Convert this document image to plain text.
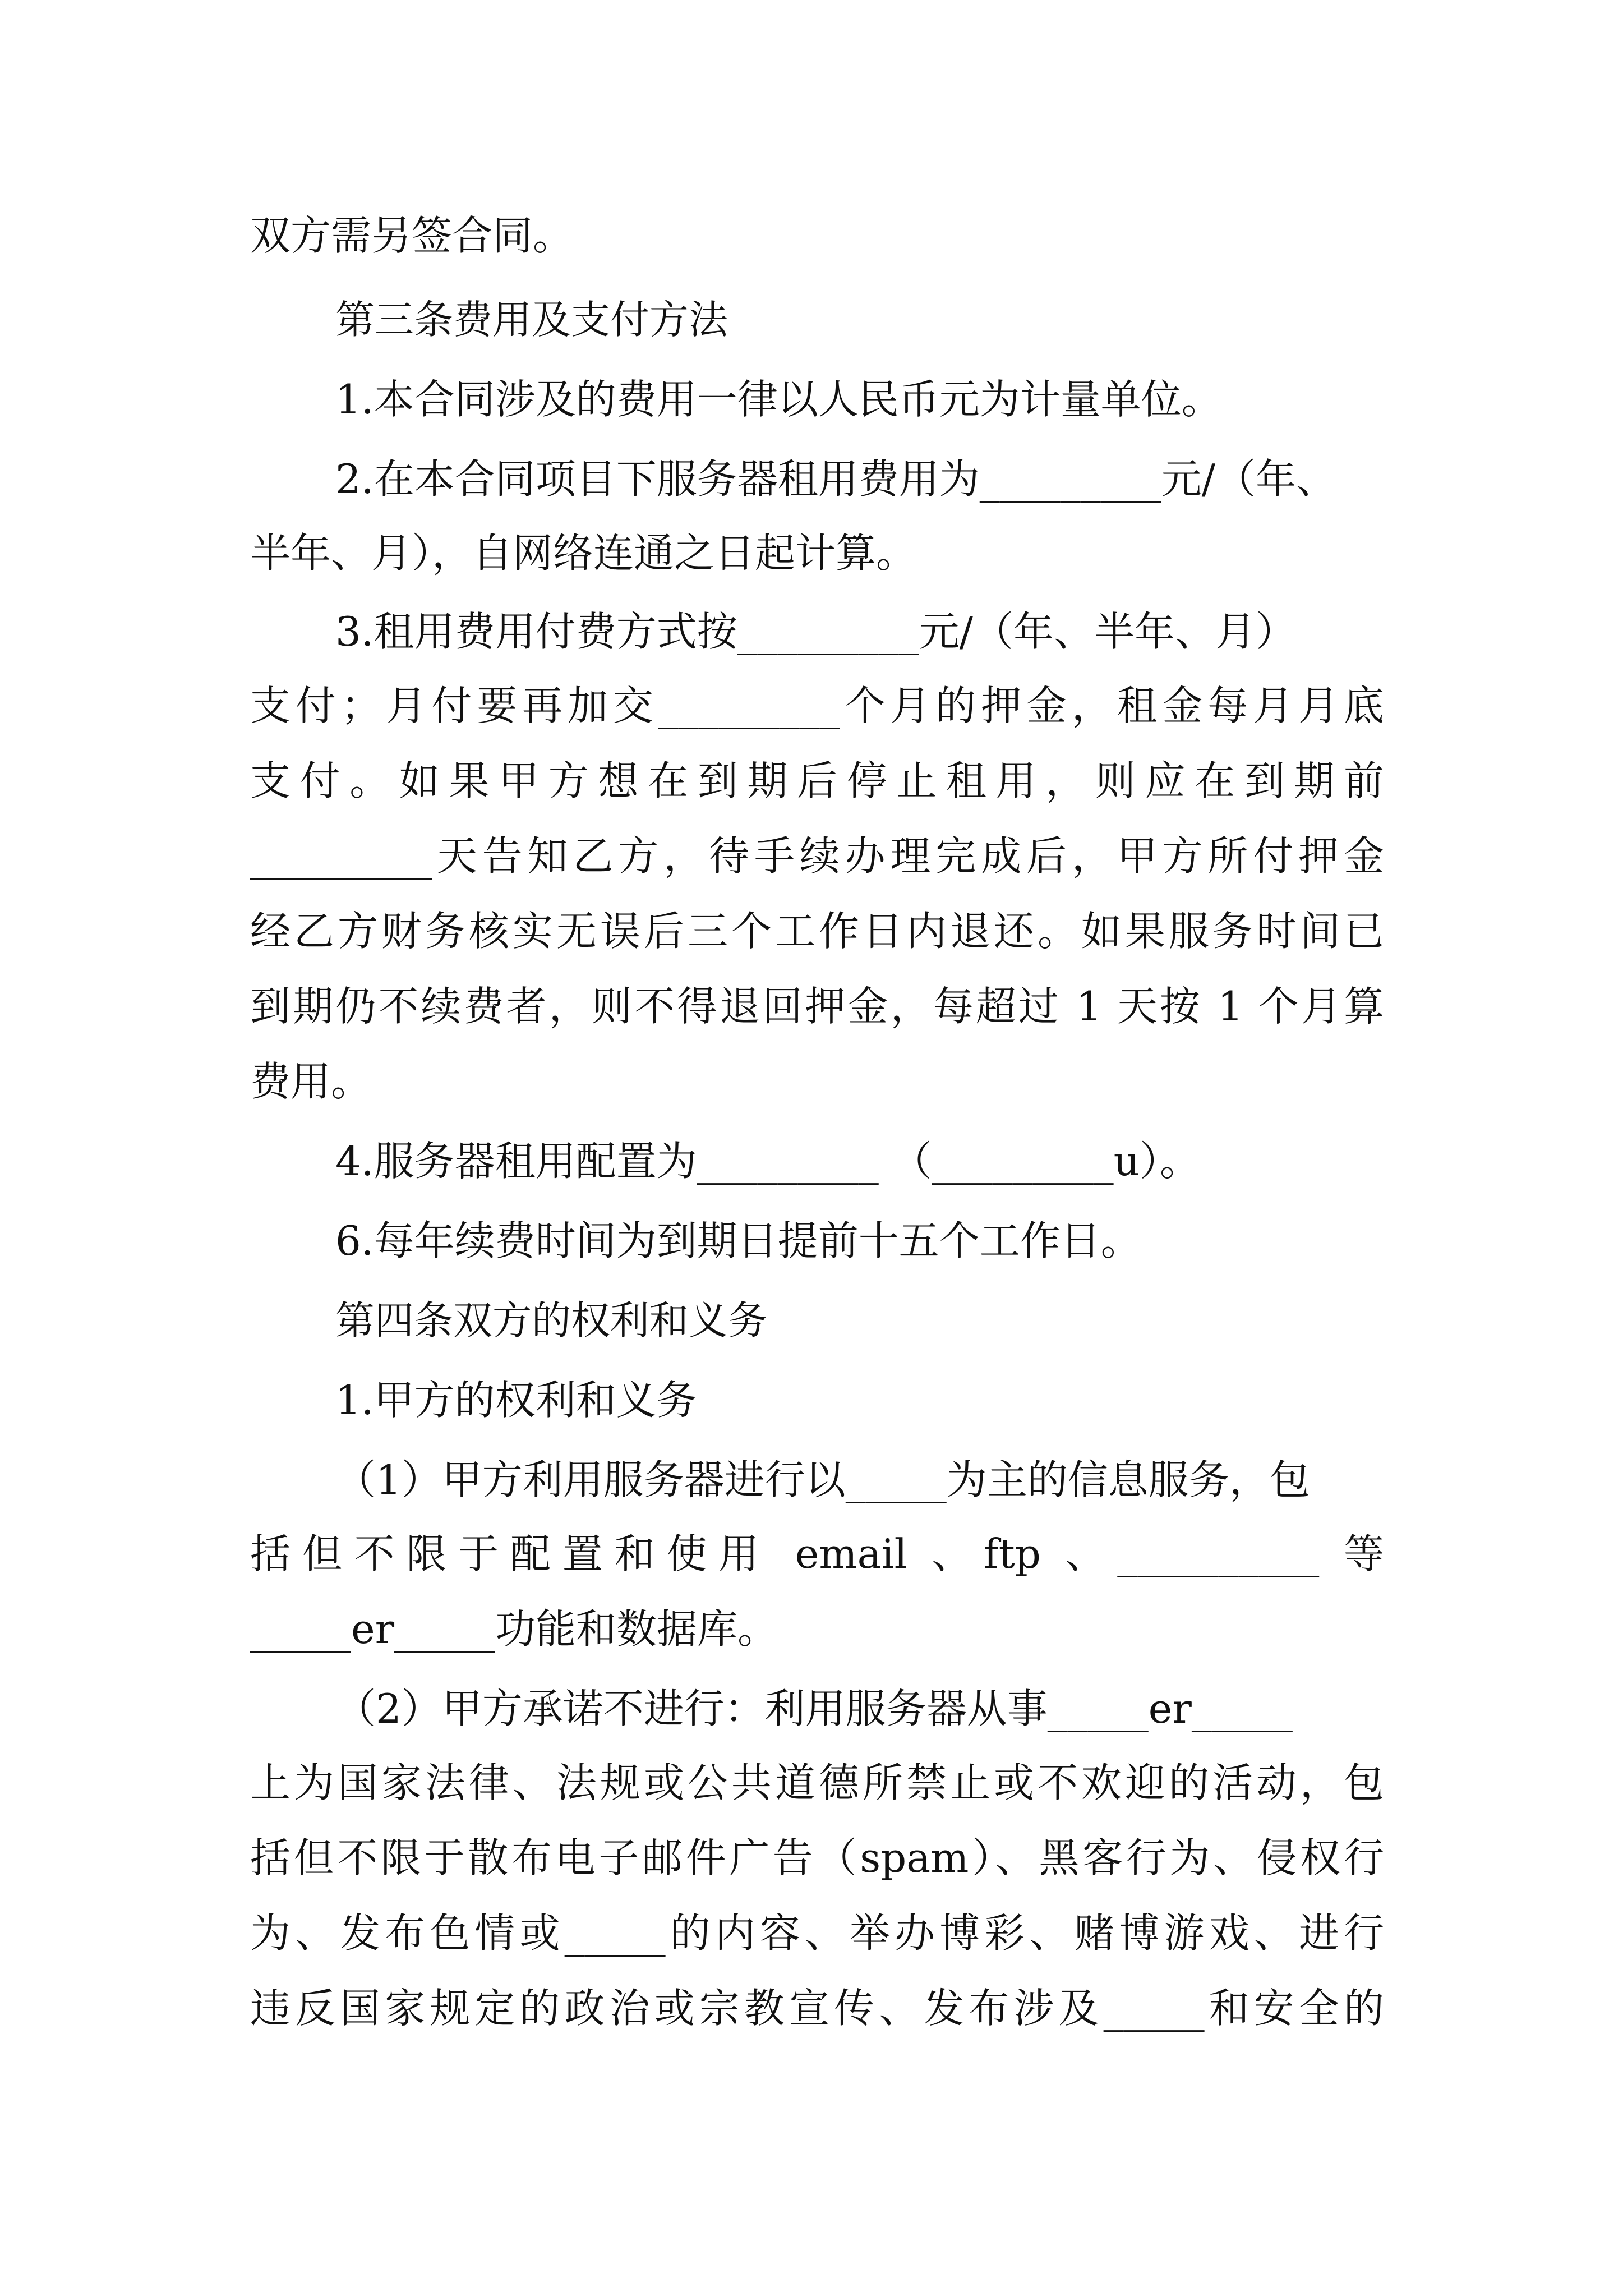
双方需另签合同。
第三条费用及支付方法
1.本合同涉及的费用一律以人民币元为计量单位。
2.在本合同项目下服务器租用费用为_________元/（年、
半年、月），自网络连通之日起计算。
3.租用费用付费方式按_________元/（年、半年、月）
支付；月付要再加交_________个月的押金，租金每月月底
支付。如果甲方想在到期后停止租用，则应在到期前
_________天告知乙方，待手续办理完成后，甲方所付押金
经乙方财务核实无误后三个工作日内退还。如果服务时间已
到期仍不续费者，则不得退回押金，每超过 1 天按 1 个月算
费用。
4.服务器租用配置为_________ （_________u）。
6.每年续费时间为到期日提前十五个工作日。
第四条双方的权利和义务
1.甲方的权利和义务
（1）甲方利用服务器进行以_____为主的信息服务，包
括但不限于配置和使用 email 、ftp 、__________ 等
_____er_____功能和数据库。
（2）甲方承诺不进行：利用服务器从事_____er_____
上为国家法律、法规或公共道德所禁止或不欢迎的活动，包
括但不限于散布电子邮件广告（spam）、黑客行为、侵权行
为、发布色情或_____的内容、举办博彩、赌博游戏、进行
违反国家规定的政治或宗教宣传、发布涉及_____和安全的
